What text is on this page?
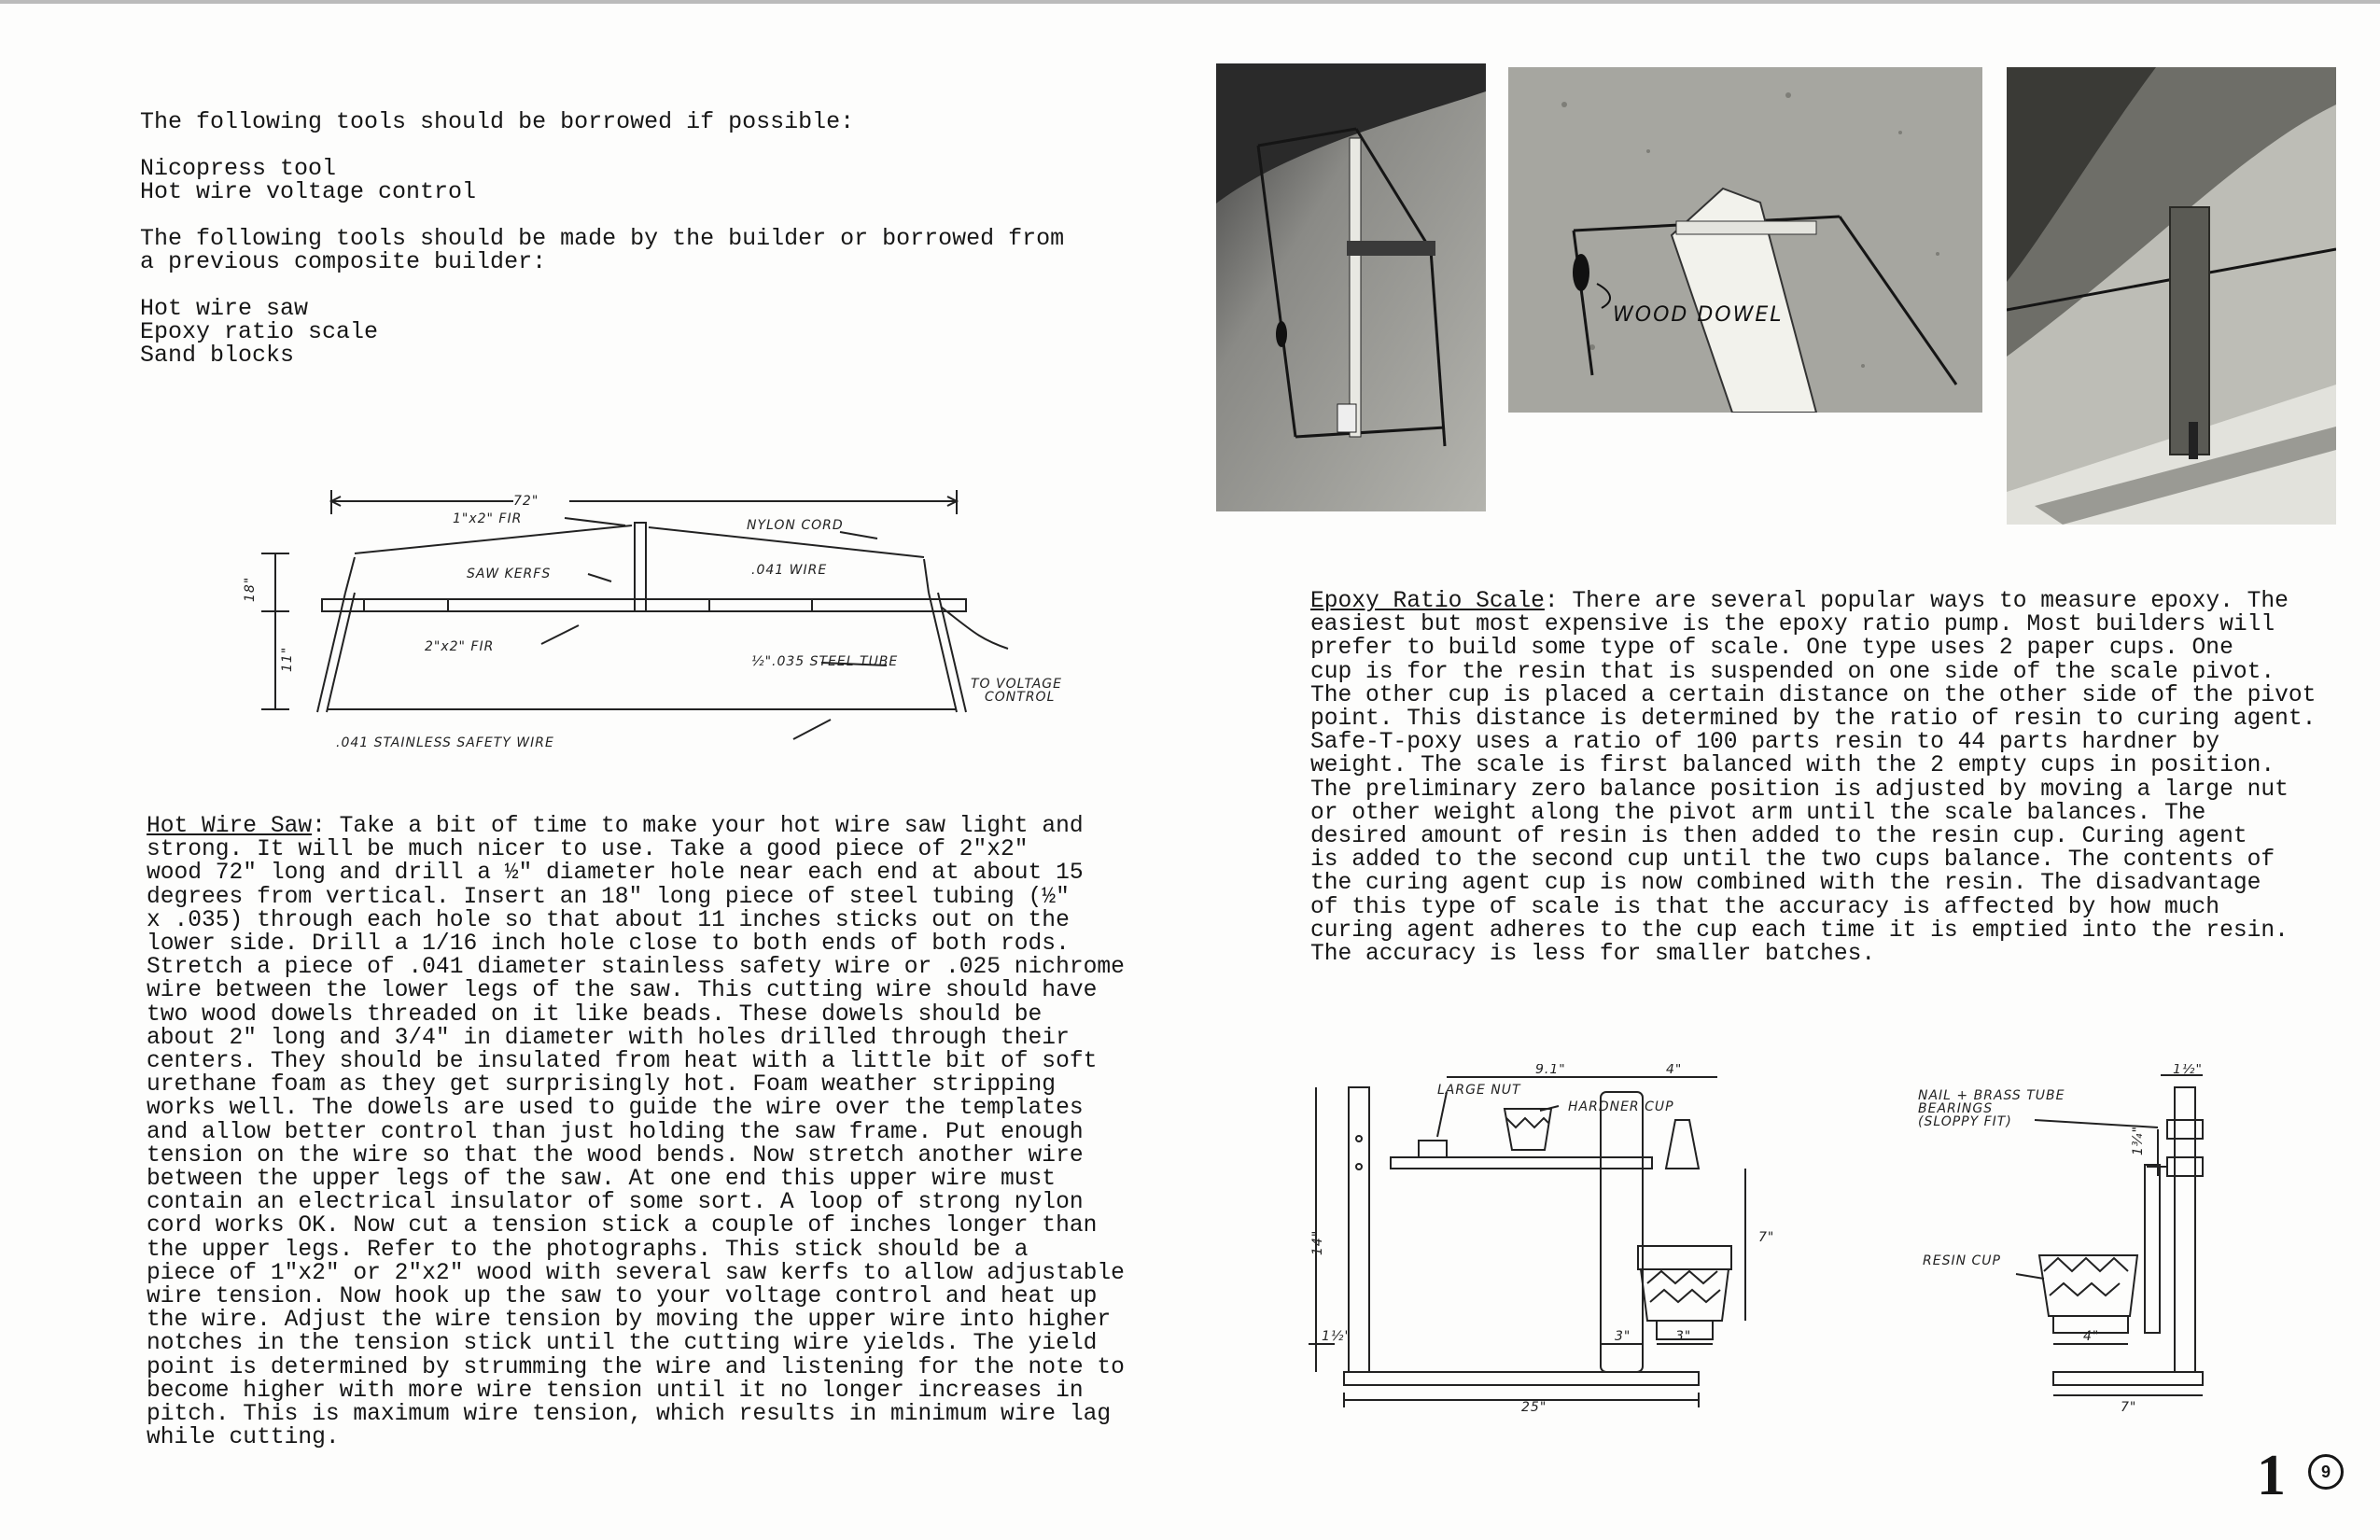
The following tools should be borrowed if possible:

Nicopress tool
Hot wire voltage control

The following tools should be made by the builder or borrowed from
a previous composite builder:

Hot wire saw
Epoxy ratio scale
Sand blocks

72"
1"x2" FIR	NYLON CORD
SAW KERFS	.041 WIRE
2"x2" FIR
½".035 STEEL TUBE
TO VOLTAGE CONTROL
.041 STAINLESS SAFETY WIRE
18"
11"
Hot Wire Saw: Take a bit of time to make your hot wire saw light and
strong. It will be much nicer to use. Take a good piece of 2"x2"
wood 72" long and drill a ½" diameter hole near each end at about 15
degrees from vertical. Insert an 18" long piece of steel tubing (½"
x .035) through each hole so that about 11 inches sticks out on the
lower side. Drill a 1/16 inch hole close to both ends of both rods.
Stretch a piece of .041 diameter stainless safety wire or .025 nichrome
wire between the lower legs of the saw. This cutting wire should have
two wood dowels threaded on it like beads. These dowels should be
about 2" long and 3/4" in diameter with holes drilled through their
centers. They should be insulated from heat with a little bit of soft
urethane foam as they get surprisingly hot. Foam weather stripping
works well. The dowels are used to guide the wire over the templates
and allow better control than just holding the saw frame. Put enough
tension on the wire so that the wood bends. Now stretch another wire
between the upper legs of the saw. At one end this upper wire must
contain an electrical insulator of some sort. A loop of strong nylon
cord works OK. Now cut a tension stick a couple of inches longer than
the upper legs. Refer to the photographs. This stick should be a
piece of 1"x2" or 2"x2" wood with several saw kerfs to allow adjustable
wire tension. Now hook up the saw to your voltage control and heat up
the wire. Adjust the wire tension by moving the upper wire into higher
notches in the tension stick until the cutting wire yields. The yield
point is determined by strumming the wire and listening for the note to
become higher with more wire tension until it no longer increases in
pitch. This is maximum wire tension, which results in minimum wire lag
while cutting.
WOOD DOWEL
Epoxy Ratio Scale: There are several popular ways to measure epoxy. The
easiest but most expensive is the epoxy ratio pump. Most builders will
prefer to build some type of scale. One type uses 2 paper cups. One
cup is for the resin that is suspended on one side of the scale pivot.
The other cup is placed a certain distance on the other side of the pivot
point. This distance is determined by the ratio of resin to curing agent.
Safe-T-poxy uses a ratio of 100 parts resin to 44 parts hardner by
weight. The scale is first balanced with the 2 empty cups in position.
The preliminary zero balance position is adjusted by moving a large nut
or other weight along the pivot arm until the scale balances. The
desired amount of resin is then added to the resin cup. Curing agent
is added to the second cup until the two cups balance. The contents of
the curing agent cup is now combined with the resin. The disadvantage
of this type of scale is that the accuracy is affected by how much
curing agent adheres to the cup each time it is emptied into the resin.
The accuracy is less for smaller batches.
LARGE NUT
HARDNER CUP
9.1"	4"
14"	7"
1½"	3"	3"
25"
NAIL + BRASS TUBE BEARINGS (SLOPPY FIT)
1½"
1¾"
RESIN CUP
4"
7"
1	9
